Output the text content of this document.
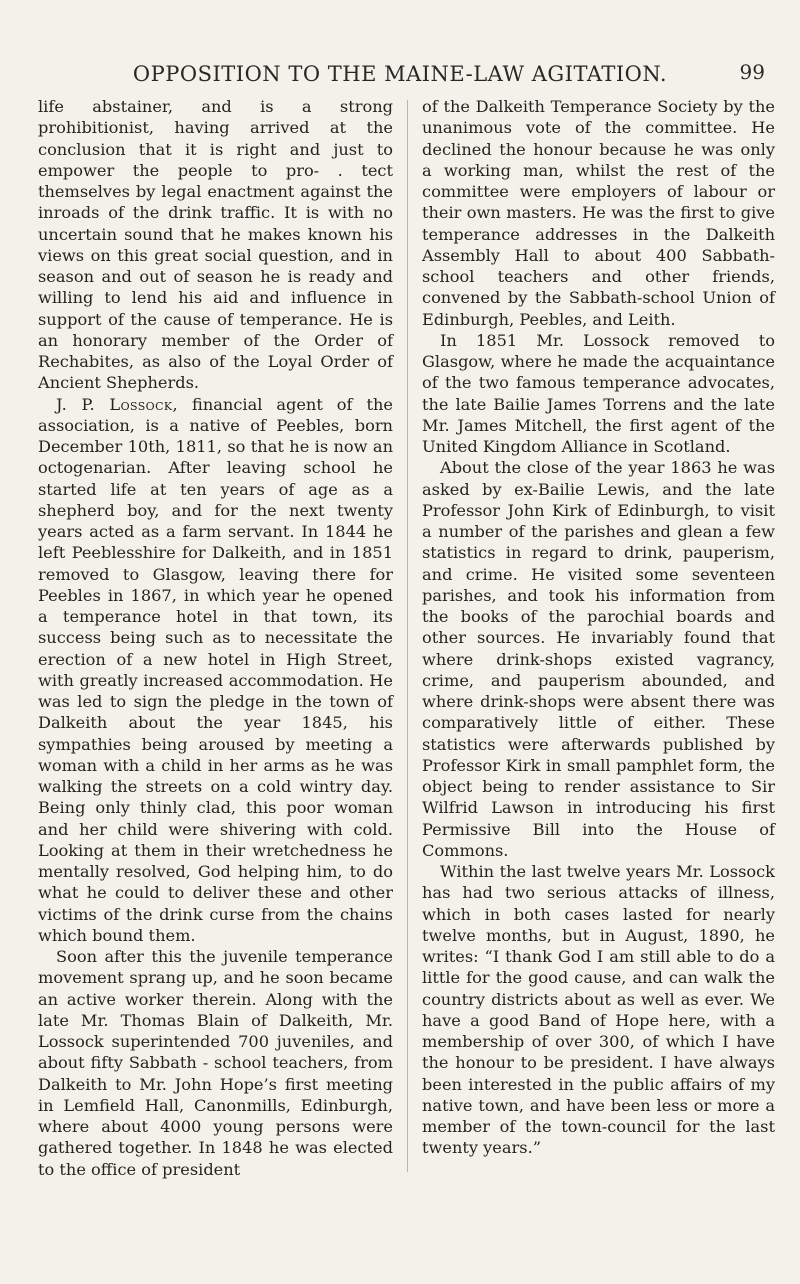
OPPOSITION TO THE MAINE-LAW AGITATION.	99

life abstainer, and is a strong prohibitionist, having arrived at the conclusion that it is right and just to empower the people to pro- . tect themselves by legal enactment against the inroads of the drink traffic. It is with no uncertain sound that he makes known his views on this great social question, and in season and out of season he is ready and willing to lend his aid and influence in support of the cause of temperance. He is an honorary member of the Order of Rechabites, as also of the Loyal Order of Ancient Shepherds.

J. P. Lossock, financial agent of the association, is a native of Peebles, born December 10th, 1811, so that he is now an octogenarian. After leaving school he started life at ten years of age as a shepherd boy, and for the next twenty years acted as a farm servant. In 1844 he left Peeblesshire for Dalkeith, and in 1851 removed to Glasgow, leaving there for Peebles in 1867, in which year he opened a temperance hotel in that town, its success being such as to necessitate the erection of a new hotel in High Street, with greatly increased accommodation. He was led to sign the pledge in the town of Dalkeith about the year 1845, his sympathies being aroused by meeting a woman with a child in her arms as he was walking the streets on a cold wintry day. Being only thinly clad, this poor woman and her child were shivering with cold. Looking at them in their wretchedness he mentally resolved, God helping him, to do what he could to deliver these and other victims of the drink curse from the chains which bound them.

Soon after this the juvenile temperance movement sprang up, and he soon became an active worker therein. Along with the late Mr. Thomas Blain of Dalkeith, Mr. Lossock superintended 700 juveniles, and about fifty Sabbath - school teachers, from Dalkeith to Mr. John Hope’s first meeting in Lemfield Hall, Canonmills, Edinburgh, where about 4000 young persons were gathered together. In 1848 he was elected to the office of president

of the Dalkeith Temperance Society by the unanimous vote of the committee. He declined the honour because he was only a working man, whilst the rest of the committee were employers of labour or their own masters. He was the first to give temperance addresses in the Dalkeith Assembly Hall to about 400 Sabbath-school teachers and other friends, convened by the Sabbath-school Union of Edinburgh, Peebles, and Leith.

In 1851 Mr. Lossock removed to Glasgow, where he made the acquaintance of the two famous temperance advocates, the late Bailie James Torrens and the late Mr. James Mitchell, the first agent of the United Kingdom Alliance in Scotland.

About the close of the year 1863 he was asked by ex-Bailie Lewis, and the late Professor John Kirk of Edinburgh, to visit a number of the parishes and glean a few statistics in regard to drink, pauperism, and crime. He visited some seventeen parishes, and took his information from the books of the parochial boards and other sources. He invariably found that where drink-shops existed vagrancy, crime, and pauperism abounded, and where drink-shops were absent there was comparatively little of either. These statistics were afterwards published by Professor Kirk in small pamphlet form, the object being to render assistance to Sir Wilfrid Lawson in introducing his first Permissive Bill into the House of Commons.

Within the last twelve years Mr. Lossock has had two serious attacks of illness, which in both cases lasted for nearly twelve months, but in August, 1890, he writes: “I thank God I am still able to do a little for the good cause, and can walk the country districts about as well as ever. We have a good Band of Hope here, with a membership of over 300, of which I have the honour to be president. I have always been interested in the public affairs of my native town, and have been less or more a member of the town-council for the last twenty years.”
